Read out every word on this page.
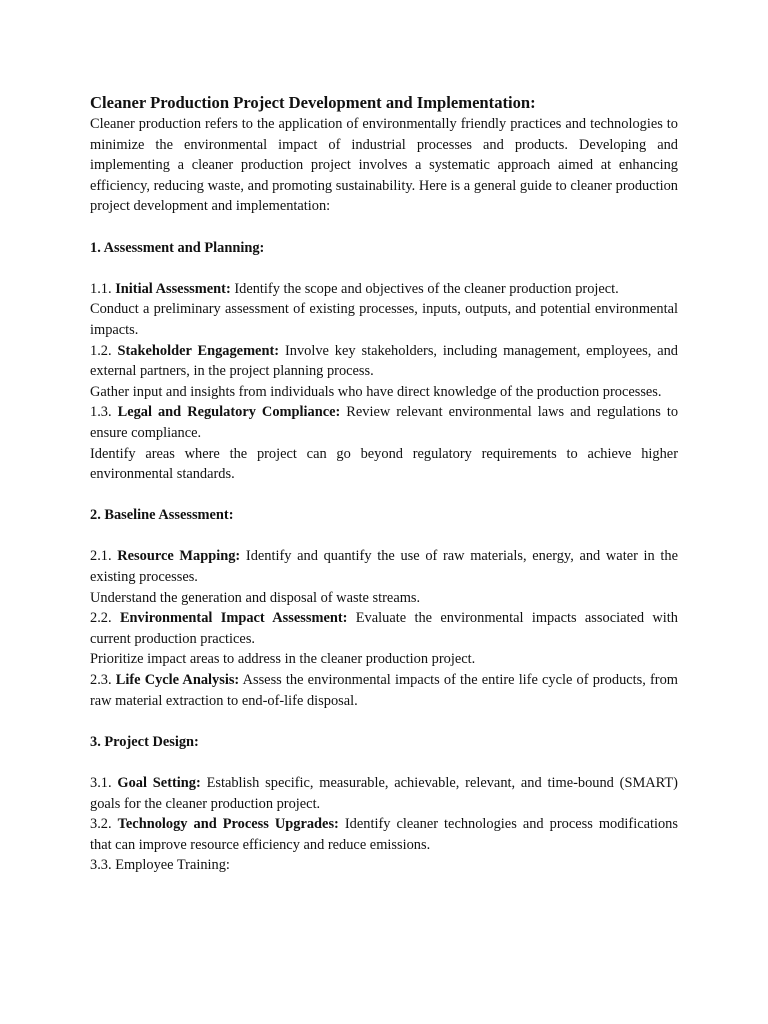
Cleaner Production Project Development and Implementation:

Cleaner production refers to the application of environmentally friendly practices and technologies to minimize the environmental impact of industrial processes and products. Developing and implementing a cleaner production project involves a systematic approach aimed at enhancing efficiency, reducing waste, and promoting sustainability. Here is a general guide to cleaner production project development and implementation:

1. Assessment and Planning:

1.1. Initial Assessment: Identify the scope and objectives of the cleaner production project.

Conduct a preliminary assessment of existing processes, inputs, outputs, and potential environmental impacts.

1.2. Stakeholder Engagement: Involve key stakeholders, including management, employees, and external partners, in the project planning process.

Gather input and insights from individuals who have direct knowledge of the production processes.

1.3. Legal and Regulatory Compliance: Review relevant environmental laws and regulations to ensure compliance.

Identify areas where the project can go beyond regulatory requirements to achieve higher environmental standards.

2. Baseline Assessment:

2.1. Resource Mapping: Identify and quantify the use of raw materials, energy, and water in the existing processes.

Understand the generation and disposal of waste streams.

2.2. Environmental Impact Assessment: Evaluate the environmental impacts associated with current production practices.

Prioritize impact areas to address in the cleaner production project.

2.3. Life Cycle Analysis: Assess the environmental impacts of the entire life cycle of products, from raw material extraction to end-of-life disposal.

3. Project Design:

3.1. Goal Setting: Establish specific, measurable, achievable, relevant, and time-bound (SMART) goals for the cleaner production project.

3.2. Technology and Process Upgrades: Identify cleaner technologies and process modifications that can improve resource efficiency and reduce emissions.

3.3. Employee Training:
